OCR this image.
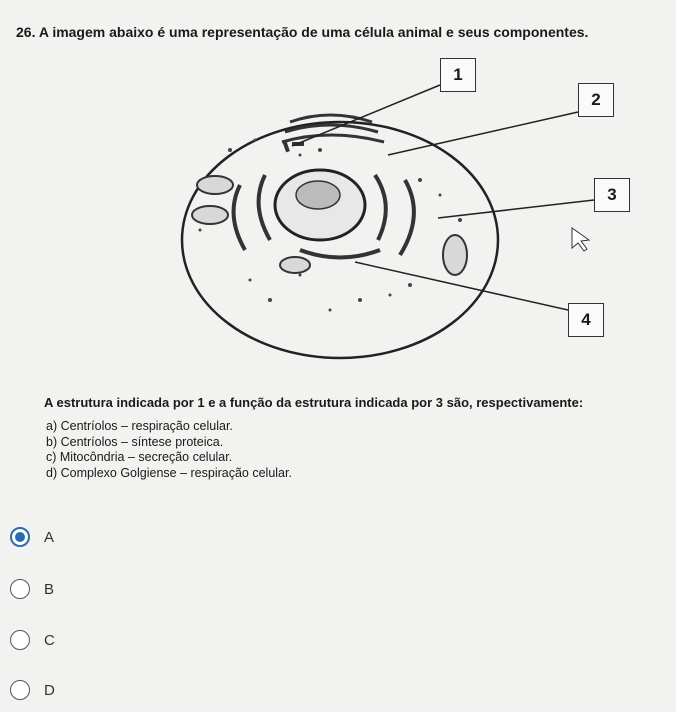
26. A imagem abaixo é uma representação de uma célula animal e seus componentes.
1
2
3
4
A estrutura indicada por 1 e a função da estrutura indicada por 3 são, respectivamente:
a) Centríolos – respiração celular.
b) Centríolos – síntese proteica.
c) Mitocôndria – secreção celular.
d) Complexo Golgiense – respiração celular.
A
B
C
D
